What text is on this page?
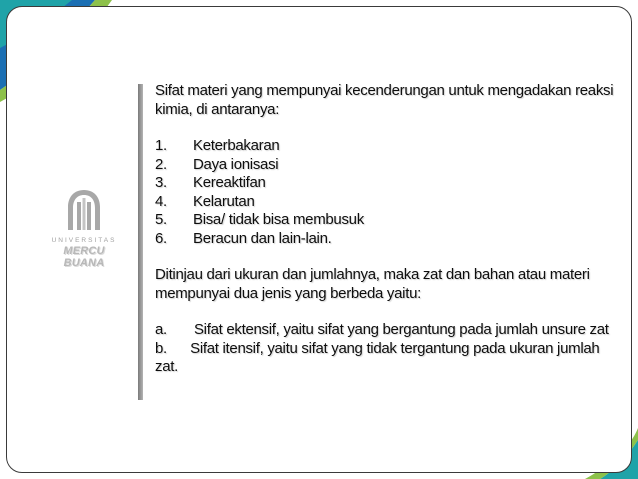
UNIVERSITAS
MERCU BUANA

Sifat materi yang mempunyai kecenderungan untuk mengadakan reaksi kimia, di antaranya:

1.	Keterbakaran
2.	Daya ionisasi
3.	Kereaktifan
4.	Kelarutan
5.	Bisa/ tidak bisa membusuk
6.	Beracun dan lain-lain.

Ditinjau dari ukuran dan jumlahnya, maka zat dan bahan atau materi mempunyai dua jenis yang berbeda yaitu:

a.       Sifat ektensif, yaitu sifat yang bergantung pada jumlah unsure zat

b.      Sifat itensif, yaitu sifat yang tidak tergantung pada ukuran jumlah zat.
